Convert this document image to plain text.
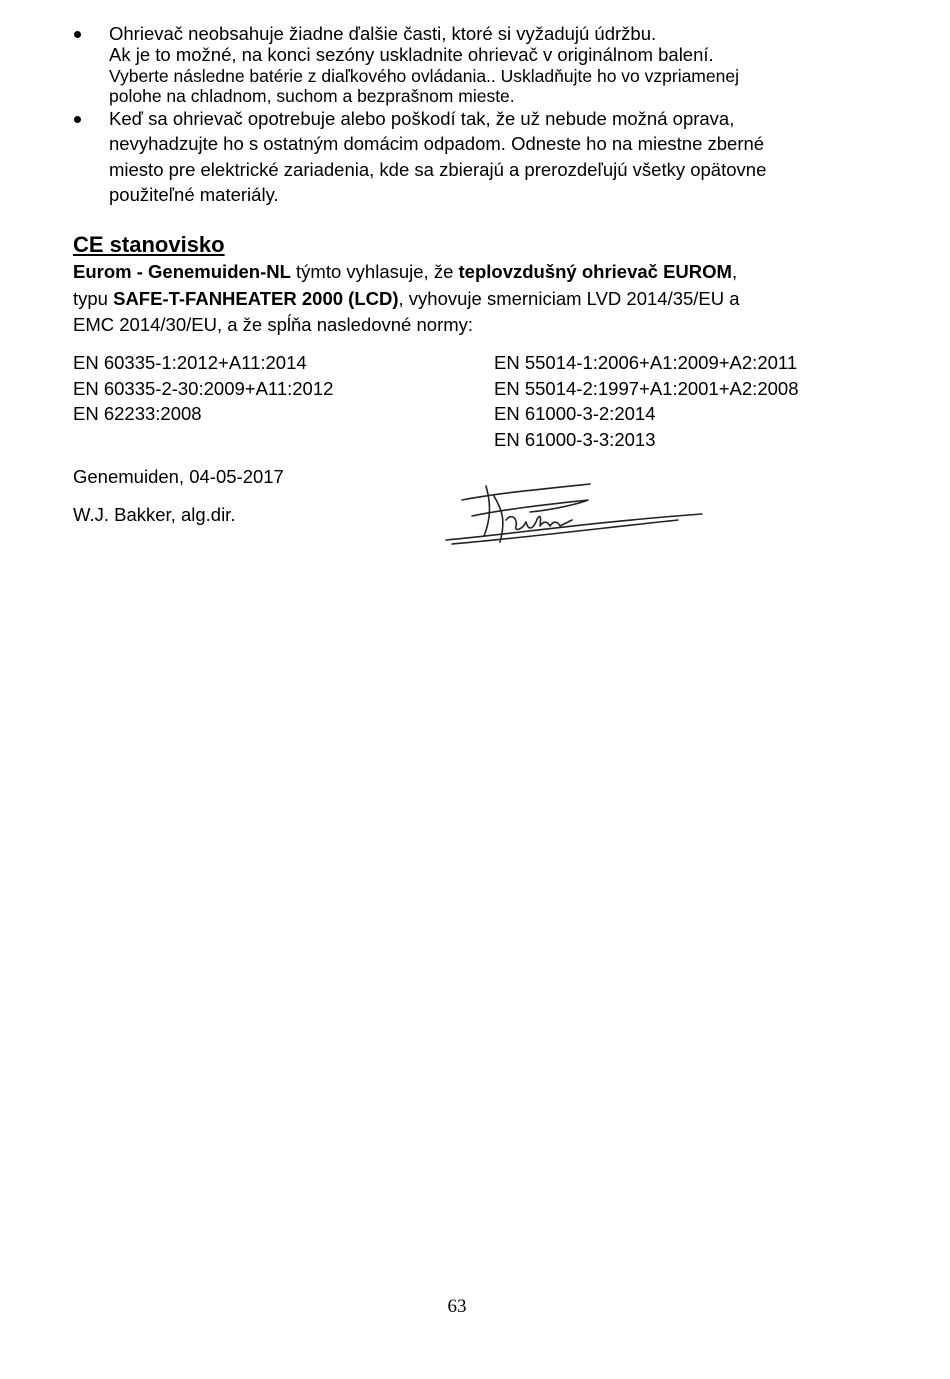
Ohrievač neobsahuje žiadne ďalšie časti, ktoré si vyžadujú údržbu.
Ak je to možné, na konci sezóny uskladnite ohrievač v originálnom balení.
Vyberte následne batérie z diaľkového ovládania.. Uskladňujte ho vo vzpriamenej
polohe na chladnom, suchom a bezprašnom mieste.
Keď sa ohrievač opotrebuje alebo poškodí tak, že už nebude možná oprava,
nevyhadzujte ho s ostatným domácim odpadom. Odneste ho na miestne zberné
miesto pre elektrické zariadenia, kde sa zbierajú a prerozdeľujú všetky opätovne
použiteľné materiály.
CE stanovisko
Eurom - Genemuiden-NL týmto vyhlasuje, že teplovzdušný ohrievač EUROM,
typu SAFE-T-FANHEATER 2000 (LCD), vyhovuje smerniciam LVD 2014/35/EU a
EMC 2014/30/EU, a že spĺňa nasledovné normy:
EN 60335-1:2012+A11:2014
EN 60335-2-30:2009+A11:2012
EN 62233:2008
EN 55014-1:2006+A1:2009+A2:2011
EN 55014-2:1997+A1:2001+A2:2008
EN 61000-3-2:2014
EN 61000-3-3:2013
Genemuiden, 04-05-2017
W.J. Bakker, alg.dir.
63
